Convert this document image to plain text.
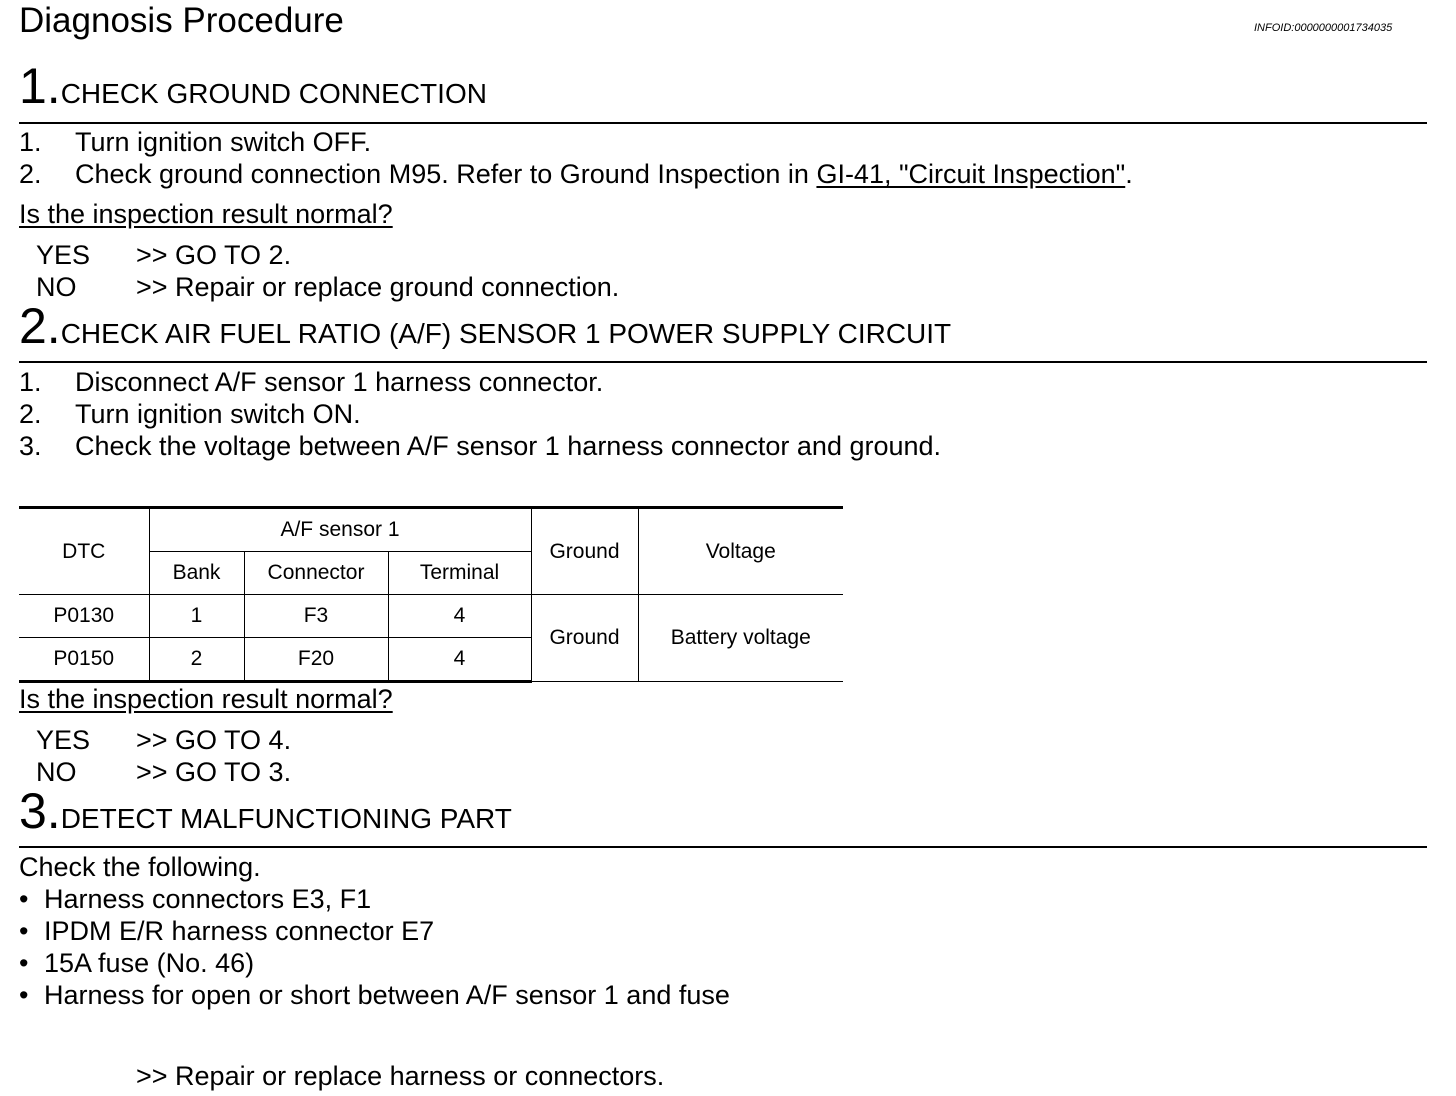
Diagnosis Procedure	INFOID:0000000001734035
1.CHECK GROUND CONNECTION
1. Turn ignition switch OFF.
2. Check ground connection M95. Refer to Ground Inspection in GI-41, "Circuit Inspection".
Is the inspection result normal?
YES >> GO TO 2.
NO >> Repair or replace ground connection.
2.CHECK AIR FUEL RATIO (A/F) SENSOR 1 POWER SUPPLY CIRCUIT
1. Disconnect A/F sensor 1 harness connector.
2. Turn ignition switch ON.
3. Check the voltage between A/F sensor 1 harness connector and ground.
DTC	A/F sensor 1			Ground	Voltage
	Bank	Connector	Terminal		
P0130	1	F3	4	Ground	Battery voltage
P0150	2	F20	4		
Is the inspection result normal?
YES >> GO TO 4.
NO >> GO TO 3.
3.DETECT MALFUNCTIONING PART
Check the following.
• Harness connectors E3, F1
• IPDM E/R harness connector E7
• 15A fuse (No. 46)
• Harness for open or short between A/F sensor 1 and fuse
>> Repair or replace harness or connectors.
